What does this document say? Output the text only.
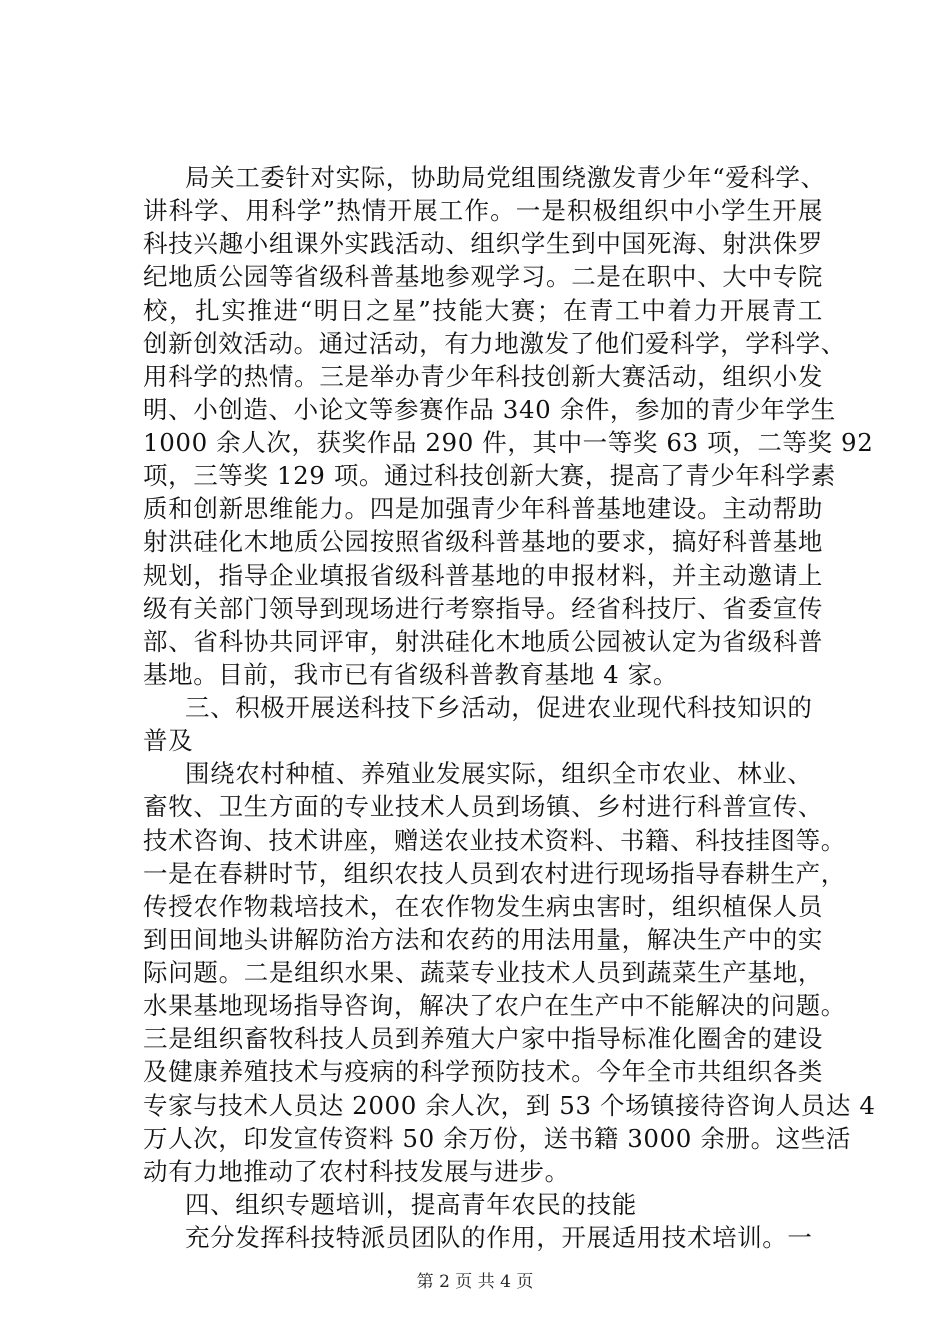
局关工委针对实际，协助局党组围绕激发青少年“爱科学、
讲科学、用科学”热情开展工作。一是积极组织中小学生开展
科技兴趣小组课外实践活动、组织学生到中国死海、射洪侏罗
纪地质公园等省级科普基地参观学习。二是在职中、大中专院
校，扎实推进“明日之星”技能大赛；在青工中着力开展青工
创新创效活动。通过活动，有力地激发了他们爱科学，学科学、
用科学的热情。三是举办青少年科技创新大赛活动，组织小发
明、小创造、小论文等参赛作品 340 余件，参加的青少年学生
1000 余人次，获奖作品 290 件，其中一等奖 63 项，二等奖 92
项，三等奖 129 项。通过科技创新大赛，提高了青少年科学素
质和创新思维能力。四是加强青少年科普基地建设。主动帮助
射洪硅化木地质公园按照省级科普基地的要求，搞好科普基地
规划，指导企业填报省级科普基地的申报材料，并主动邀请上
级有关部门领导到现场进行考察指导。经省科技厅、省委宣传
部、省科协共同评审，射洪硅化木地质公园被认定为省级科普
基地。目前，我市已有省级科普教育基地 4 家。
三、积极开展送科技下乡活动，促进农业现代科技知识的
普及
围绕农村种植、养殖业发展实际，组织全市农业、林业、
畜牧、卫生方面的专业技术人员到场镇、乡村进行科普宣传、
技术咨询、技术讲座，赠送农业技术资料、书籍、科技挂图等。
一是在春耕时节，组织农技人员到农村进行现场指导春耕生产，
传授农作物栽培技术，在农作物发生病虫害时，组织植保人员
到田间地头讲解防治方法和农药的用法用量，解决生产中的实
际问题。二是组织水果、蔬菜专业技术人员到蔬菜生产基地，
水果基地现场指导咨询，解决了农户在生产中不能解决的问题。
三是组织畜牧科技人员到养殖大户家中指导标准化圈舍的建设
及健康养殖技术与疫病的科学预防技术。今年全市共组织各类
专家与技术人员达 2000 余人次，到 53 个场镇接待咨询人员达 4
万人次，印发宣传资料 50 余万份，送书籍 3000 余册。这些活
动有力地推动了农村科技发展与进步。
四、组织专题培训，提高青年农民的技能
充分发挥科技特派员团队的作用，开展适用技术培训。一
第 2 页 共 4 页
